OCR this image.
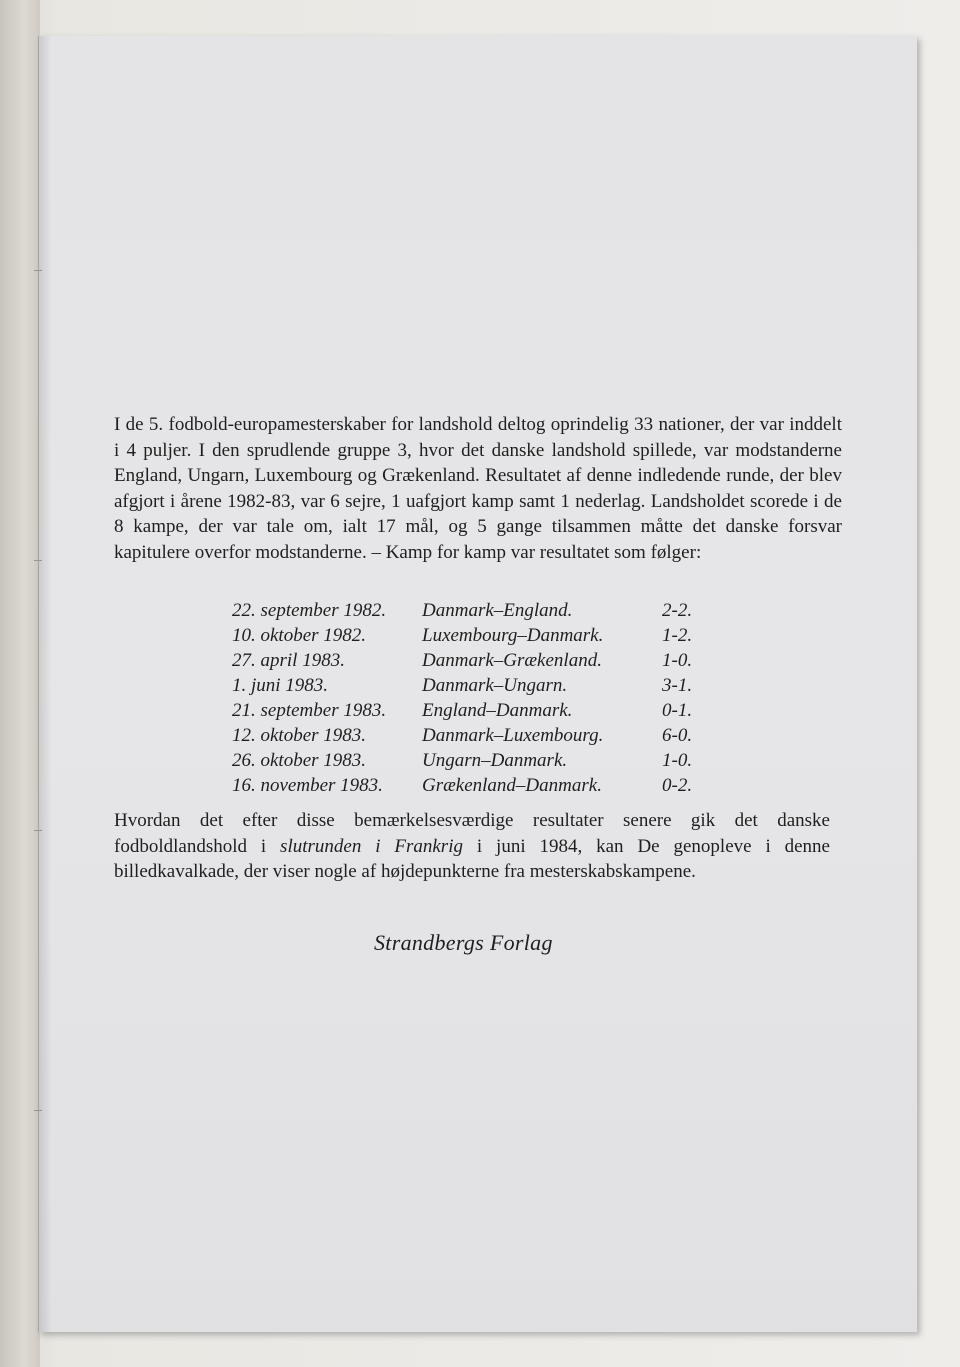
I de 5. fodbold-europamesterskaber for landshold deltog oprindelig 33 nationer, der var inddelt i 4 puljer. I den sprudlende gruppe 3, hvor det danske landshold spillede, var modstanderne England, Ungarn, Luxembourg og Grækenland. Resultatet af denne indledende runde, der blev afgjort i årene 1982-83, var 6 sejre, 1 uafgjort kamp samt 1 nederlag. Landsholdet scorede i de 8 kampe, der var tale om, ialt 17 mål, og 5 gange tilsammen måtte det danske forsvar kapitulere overfor modstanderne. – Kamp for kamp var resultatet som følger:

22. september 1982.	Danmark–England.	2-2.
10. oktober 1982.	Luxembourg–Danmark.	1-2.
27. april 1983.	Danmark–Grækenland.	1-0.
1. juni 1983.	Danmark–Ungarn.	3-1.
21. september 1983.	England–Danmark.	0-1.
12. oktober 1983.	Danmark–Luxembourg.	6-0.
26. oktober 1983.	Ungarn–Danmark.	1-0.
16. november 1983.	Grækenland–Danmark.	0-2.

Hvordan det efter disse bemærkelsesværdige resultater senere gik det danske fodboldlandshold i slutrunden i Frankrig i juni 1984, kan De genopleve i denne billedkavalkade, der viser nogle af højdepunkterne fra mesterskabskampene.

Strandbergs Forlag
